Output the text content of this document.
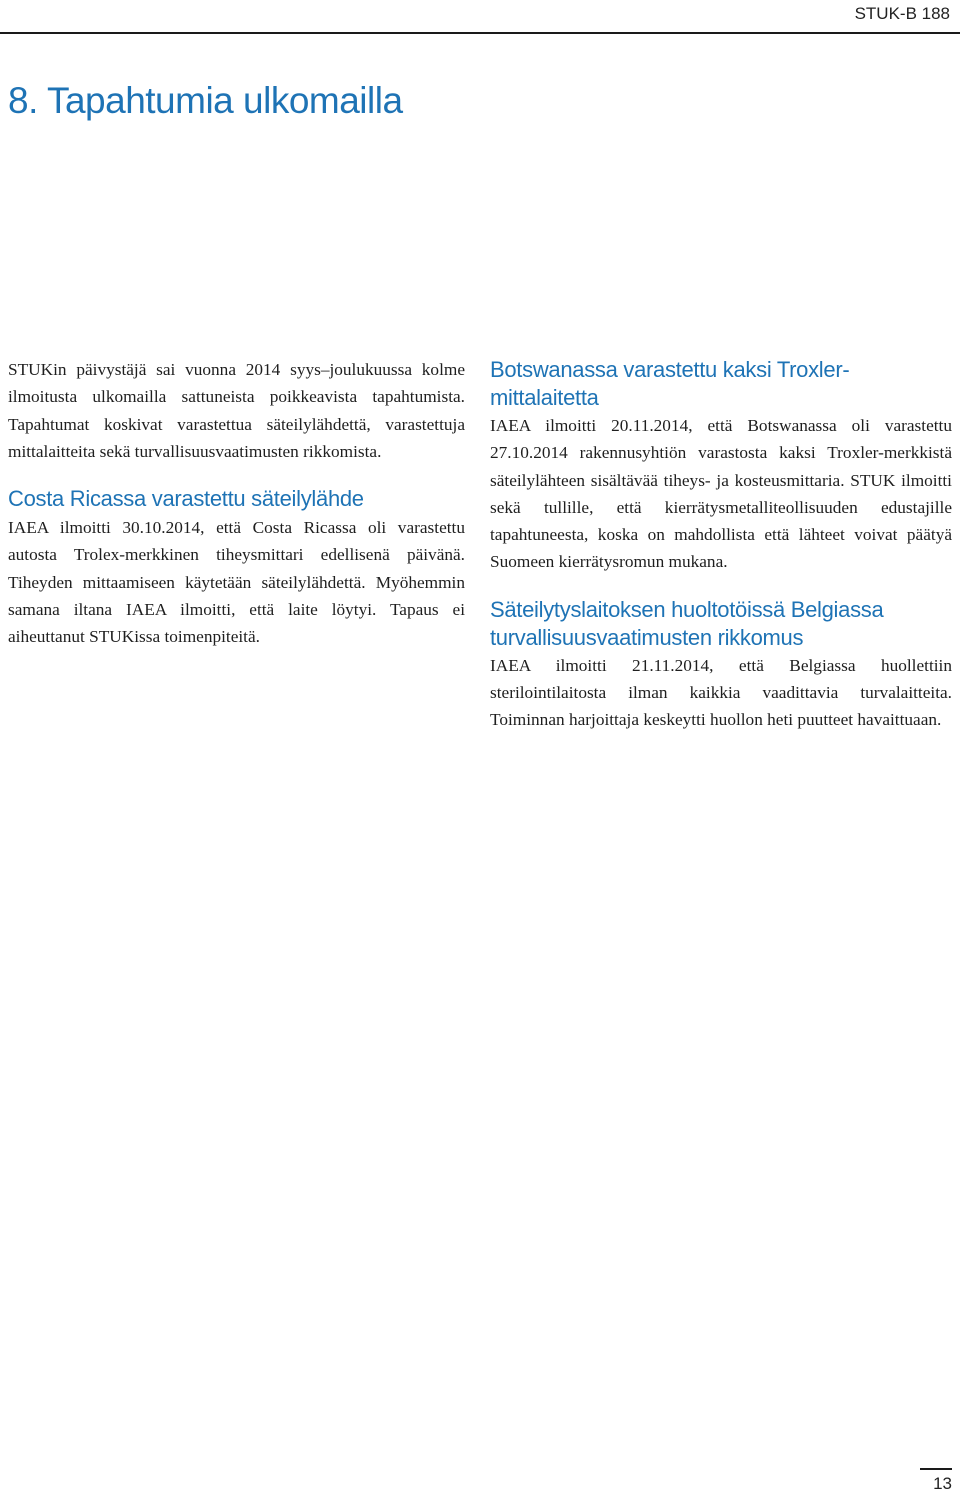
STUK-B 188
8. Tapahtumia ulkomailla

STUKin päivystäjä sai vuonna 2014 syys–joulukuussa kolme ilmoitusta ulkomailla sattuneista poikkeavista tapahtumista. Tapahtumat koskivat varastettua säteilylähdettä, varastettuja mittalaitteita sekä turvallisuusvaatimusten rikkomista.

Costa Ricassa varastettu säteilylähde

IAEA ilmoitti 30.10.2014, että Costa Ricassa oli varastettu autosta Trolex-merkkinen tiheysmittari edellisenä päivänä. Tiheyden mittaamiseen käytetään säteilylähdettä. Myöhemmin samana iltana IAEA ilmoitti, että laite löytyi. Tapaus ei aiheuttanut STUKissa toimenpiteitä.

Botswanassa varastettu kaksi Troxler-mittalaitetta

IAEA ilmoitti 20.11.2014, että Botswanassa oli varastettu 27.10.2014 rakennusyhtiön varastosta kaksi Troxler-merkkistä säteilylähteen sisältävää tiheys- ja kosteusmittaria. STUK ilmoitti sekä tullille, että kierrätysmetalliteollisuuden edustajille tapahtuneesta, koska on mahdollista että lähteet voivat päätyä Suomeen kierrätysromun mukana.

Säteilytyslaitoksen huoltotöissä Belgiassa turvallisuusvaatimusten rikkomus

IAEA ilmoitti 21.11.2014, että Belgiassa huollettiin sterilointilaitosta ilman kaikkia vaadittavia turvalaitteita. Toiminnan harjoittaja keskeytti huollon heti puutteet havaittuaan.

13
